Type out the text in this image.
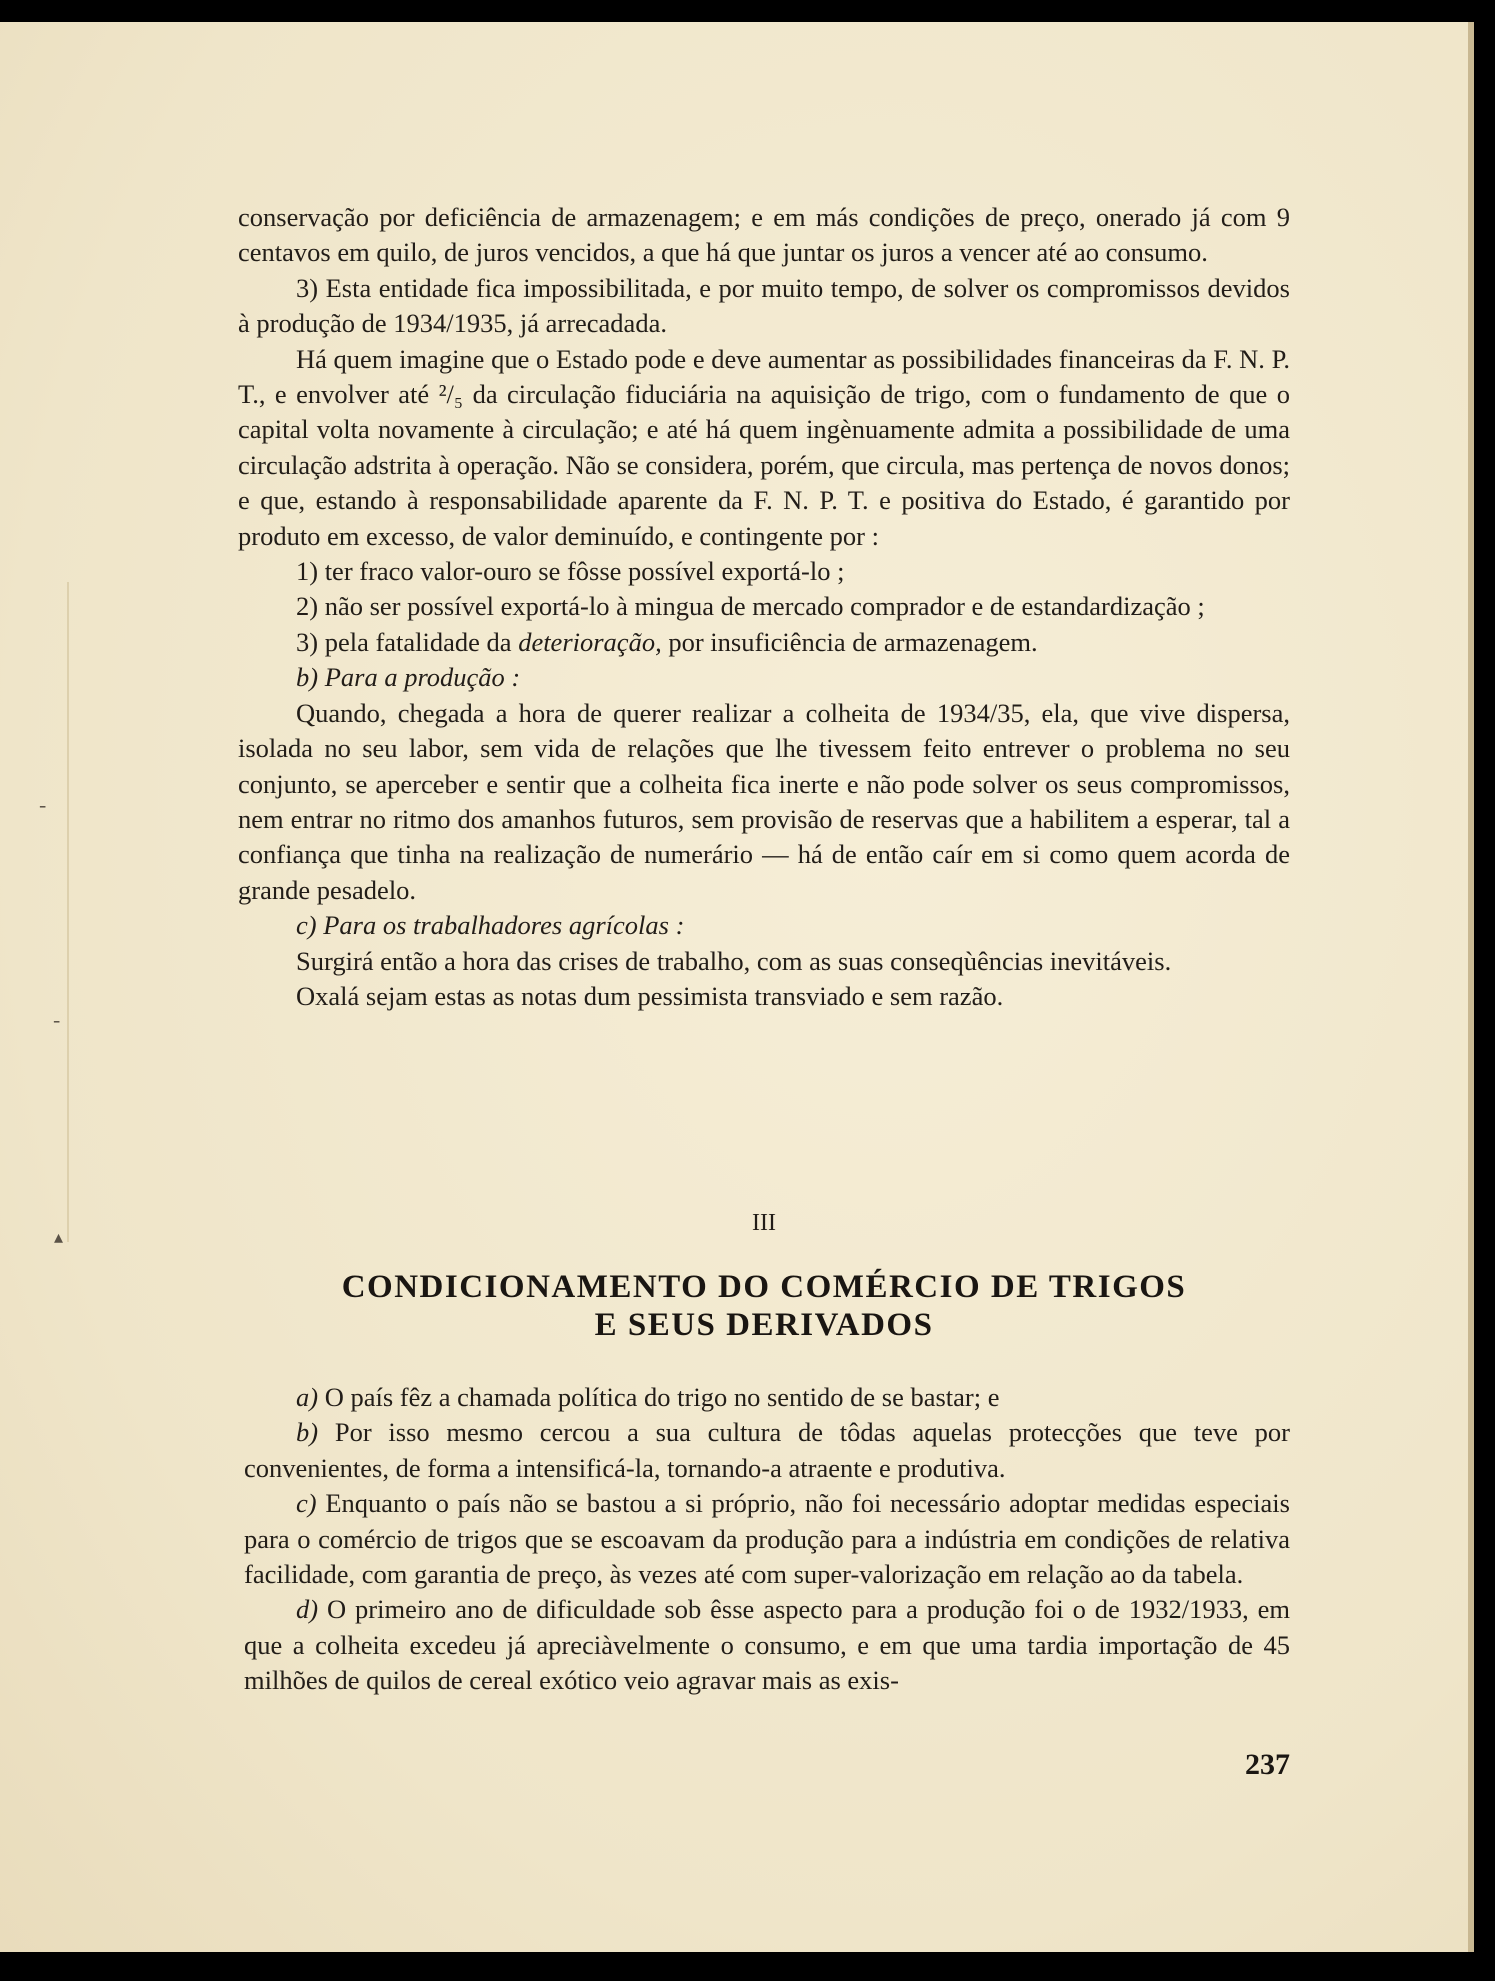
╴
╴
▴

conservação por deficiência de armazenagem; e em más condições de preço, onerado já com 9 centavos em quilo, de juros vencidos, a que há que juntar os juros a vencer até ao consumo.

3) Esta entidade fica impossibilitada, e por muito tempo, de solver os compromissos devidos à produção de 1934/1935, já arrecadada.

Há quem imagine que o Estado pode e deve aumentar as possibilidades financeiras da F. N. P. T., e envolver até ²/₅ da circulação fiduciária na aquisição de trigo, com o fundamento de que o capital volta novamente à circulação; e até há quem ingènuamente admita a possibilidade de uma circulação adstrita à operação. Não se considera, porém, que circula, mas pertença de novos donos; e que, estando à responsabilidade aparente da F. N. P. T. e positiva do Estado, é garantido por produto em excesso, de valor deminuído, e contingente por :

1) ter fraco valor-ouro se fôsse possível exportá-lo ;

2) não ser possível exportá-lo à mingua de mercado comprador e de estandardização ;

3) pela fatalidade da deterioração, por insuficiência de armazenagem.

b) Para a produção :

Quando, chegada a hora de querer realizar a colheita de 1934/35, ela, que vive dispersa, isolada no seu labor, sem vida de relações que lhe tivessem feito entrever o problema no seu conjunto, se aperceber e sentir que a colheita fica inerte e não pode solver os seus compromissos, nem entrar no ritmo dos amanhos futuros, sem provisão de reservas que a habilitem a esperar, tal a confiança que tinha na realização de numerário — há de então caír em si como quem acorda de grande pesadelo.

c) Para os trabalhadores agrícolas :

Surgirá então a hora das crises de trabalho, com as suas conseqùências inevitáveis.

Oxalá sejam estas as notas dum pessimista transviado e sem razão.

III
CONDICIONAMENTO DO COMÉRCIO DE TRIGOS
E SEUS DERIVADOS

a) O país fêz a chamada política do trigo no sentido de se bastar; e

b) Por isso mesmo cercou a sua cultura de tôdas aquelas protecções que teve por convenientes, de forma a intensificá-la, tornando-a atraente e produtiva.

c) Enquanto o país não se bastou a si próprio, não foi necessário adoptar medidas especiais para o comércio de trigos que se escoavam da produção para a indústria em condições de relativa facilidade, com garantia de preço, às vezes até com super-valorização em relação ao da tabela.

d) O primeiro ano de dificuldade sob êsse aspecto para a produção foi o de 1932/1933, em que a colheita excedeu já apreciàvelmente o consumo, e em que uma tardia importação de 45 milhões de quilos de cereal exótico veio agravar mais as exis-

237
